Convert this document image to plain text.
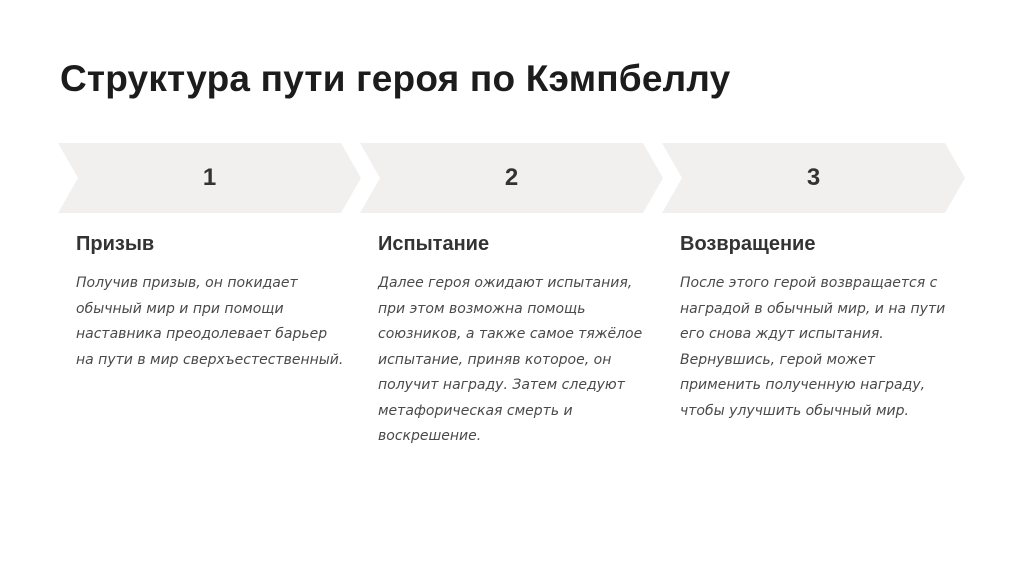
Структура пути героя по Кэмпбеллу
1
Призыв

Получив призыв, он покидает обычный мир и при помощи наставника преодолевает барьер на пути в мир сверхъестественный.

2
Испытание

Далее героя ожидают испытания, при этом возможна помощь союзников, а также самое тяжёлое испытание, приняв которое, он получит награду. Затем следуют метафорическая смерть и воскрешение.

3
Возвращение

После этого герой возвращается с наградой в обычный мир, и на пути его снова ждут испытания. Вернувшись, герой может применить полученную награду, чтобы улучшить обычный мир.
